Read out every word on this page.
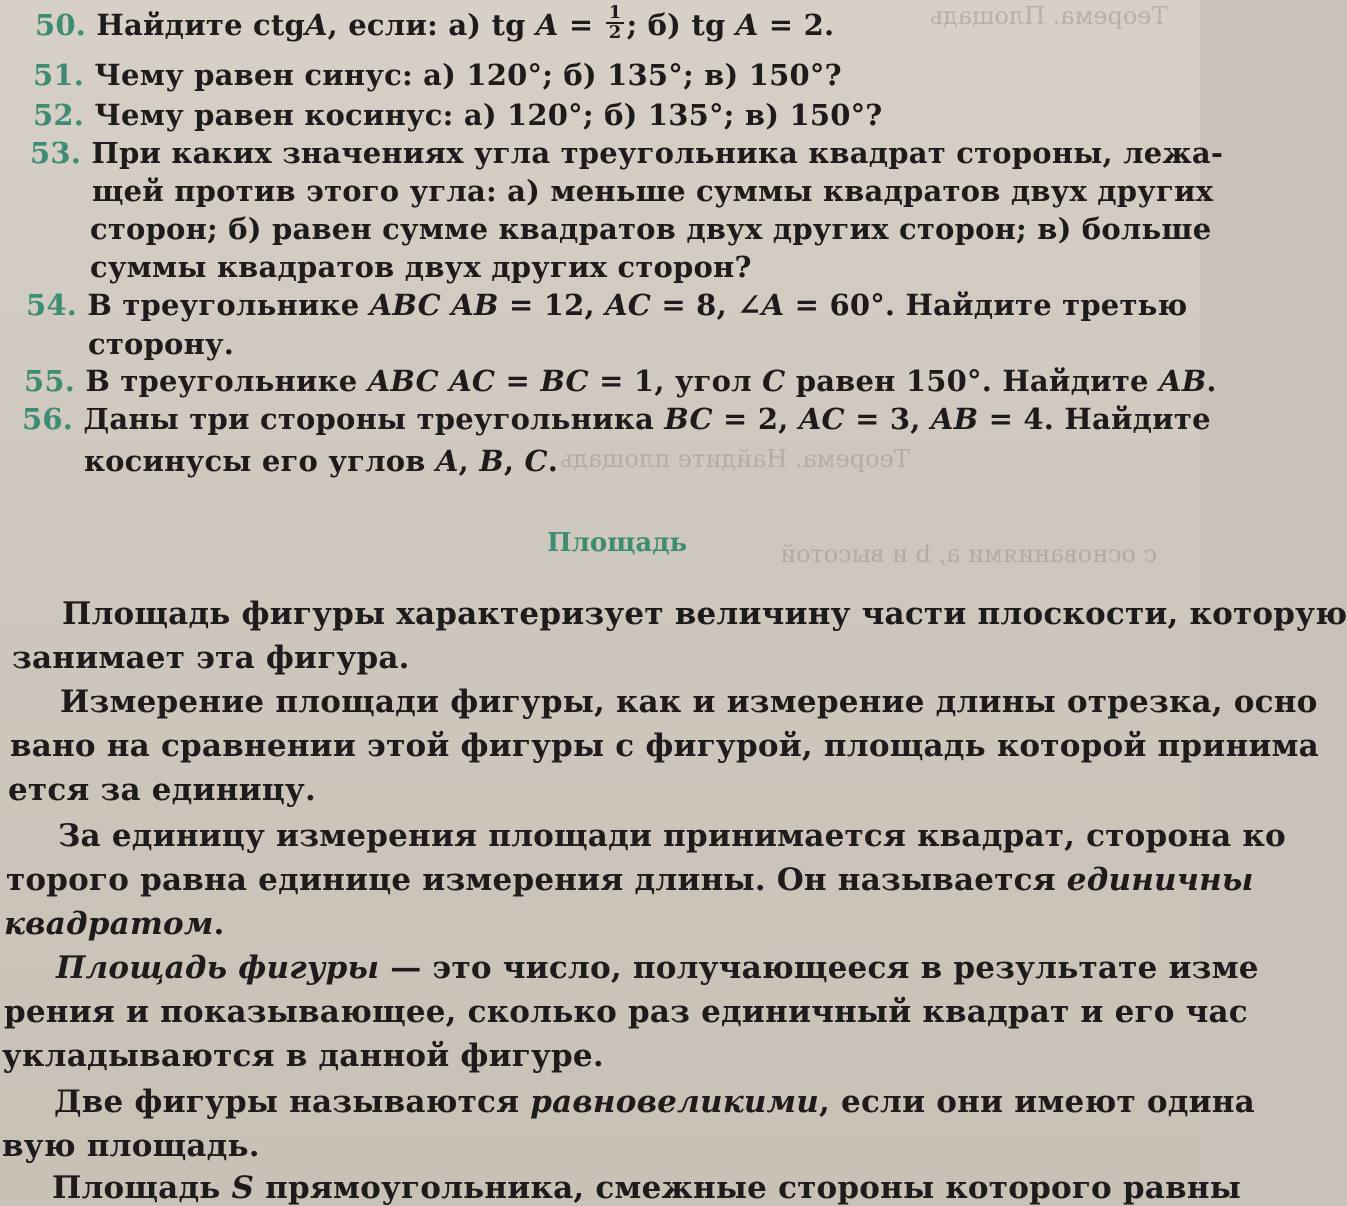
Теорема. Площадь
Теорема. Найдите площадь
с основаниями a, b и высотой
50. Найдите ctgA, если: а) tg $A = \frac{1}{2}$ ; б) tg A = 2.
51. Чему равен синус: а) 120°; б) 135°; в) 150°?
52. Чему равен косинус: а) 120°; б) 135°; в) 150°?
53. При каких значениях угла треугольника квадрат стороны, лежа-
щей против этого угла: а) меньше суммы квадратов двух других
сторон; б) равен сумме квадратов двух других сторон; в) больше
суммы квадратов двух других сторон?
54. В треугольнике ABC AB = 12, AC = 8, ∠A = 60°. Найдите третью
сторону.
55. В треугольнике ABC AC = BC = 1, угол C равен 150°. Найдите AB.
56. Даны три стороны треугольника BC = 2, AC = 3, AB = 4. Найдите
косинусы его углов A, B, C.
Площадь
Площадь фигуры характеризует величину части плоскости, которую
занимает эта фигура.
Измерение площади фигуры, как и измерение длины отрезка, осно
вано на сравнении этой фигуры с фигурой, площадь которой принима
ется за единицу.
За единицу измерения площади принимается квадрат, сторона ко
торого равна единице измерения длины. Он называется единичны
квадратом.
Площадь фигуры — это число, получающееся в результате изме
рения и показывающее, сколько раз единичный квадрат и его час
укладываются в данной фигуре.
Две фигуры называются равновеликими, если они имеют одина
вую площадь.
Площадь S прямоугольника, смежные стороны которого равны
